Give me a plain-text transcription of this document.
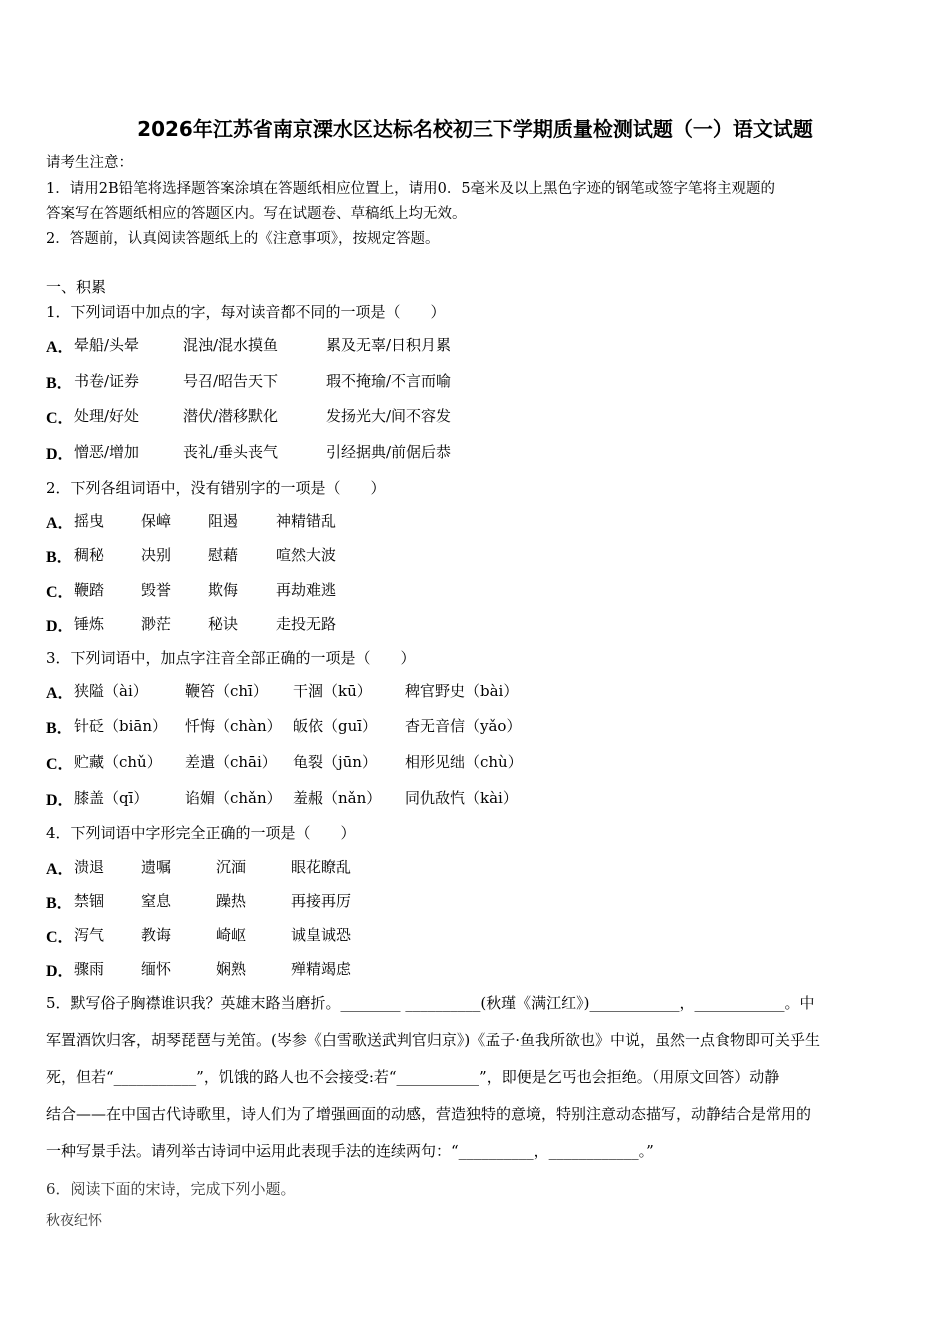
2026年江苏省南京溧水区达标名校初三下学期质量检测试题（一）语文试题
请考生注意：
1．请用2B铅笔将选择题答案涂填在答题纸相应位置上，请用0．5毫米及以上黑色字迹的钢笔或签字笔将主观题的
答案写在答题纸相应的答题区内。写在试题卷、草稿纸上均无效。
2．答题前，认真阅读答题纸上的《注意事项》，按规定答题。
一、积累
1．下列词语中加点的字，每对读音都不同的一项是（　　）
A． 晕船/头晕	混浊/混水摸鱼	累及无辜/日积月累
B． 书卷/证券	号召/昭告天下	瑕不掩瑜/不言而喻
C． 处理/好处	潜伏/潜移默化	发扬光大/间不容发
D． 憎恶/增加	丧礼/垂头丧气	引经据典/前倨后恭
2．下列各组词语中，没有错别字的一项是（　　）
A． 摇曳 保嶂 阻遏	神精错乱
B． 稠秘 决别 慰藉	喧然大波
C． 鞭踏 毁誉 欺侮	再劫难逃
D． 锤炼 渺茫 秘诀	走投无路
3．下列词语中，加点字注音全部正确的一项是（　　）
A． 狭隘（ài） 鞭笞（chī） 干涸（kū） 稗官野史（bài）
B． 针砭（biān） 忏悔（chàn） 皈依（guī） 杳无音信（yǎo）
C． 贮藏（chǔ） 差遣（chāi） 龟裂（jūn） 相形见绌（chù）
D． 膝盖（qī） 谄媚（chǎn） 羞赧（nǎn） 同仇敌忾（kài）
4．下列词语中字形完全正确的一项是（　　）
A． 溃退 遗嘱	沉湎	眼花瞭乱
B． 禁锢 窒息	躁热	再接再厉
C． 泻气 教诲	崎岖	诚皇诚恐
D． 骤雨 缅怀	娴熟	殚精竭虑
5．默写俗子胸襟谁识我？英雄末路当磨折。________ __________(秋瑾《满江红》)____________，____________。中
军置酒饮归客，胡琴琵琶与羌笛。(岑参《白雪歌送武判官归京》)《孟子·鱼我所欲也》中说，虽然一点食物即可关乎生
死，但若“___________”，饥饿的路人也不会接受:若“___________”，即便是乞丐也会拒绝。（用原文回答）动静
结合——在中国古代诗歌里，诗人们为了增强画面的动感，营造独特的意境，特别注意动态描写，动静结合是常用的
一种写景手法。请列举古诗词中运用此表现手法的连续两句：“__________，____________。”
6．阅读下面的宋诗，完成下列小题。
秋夜纪怀
